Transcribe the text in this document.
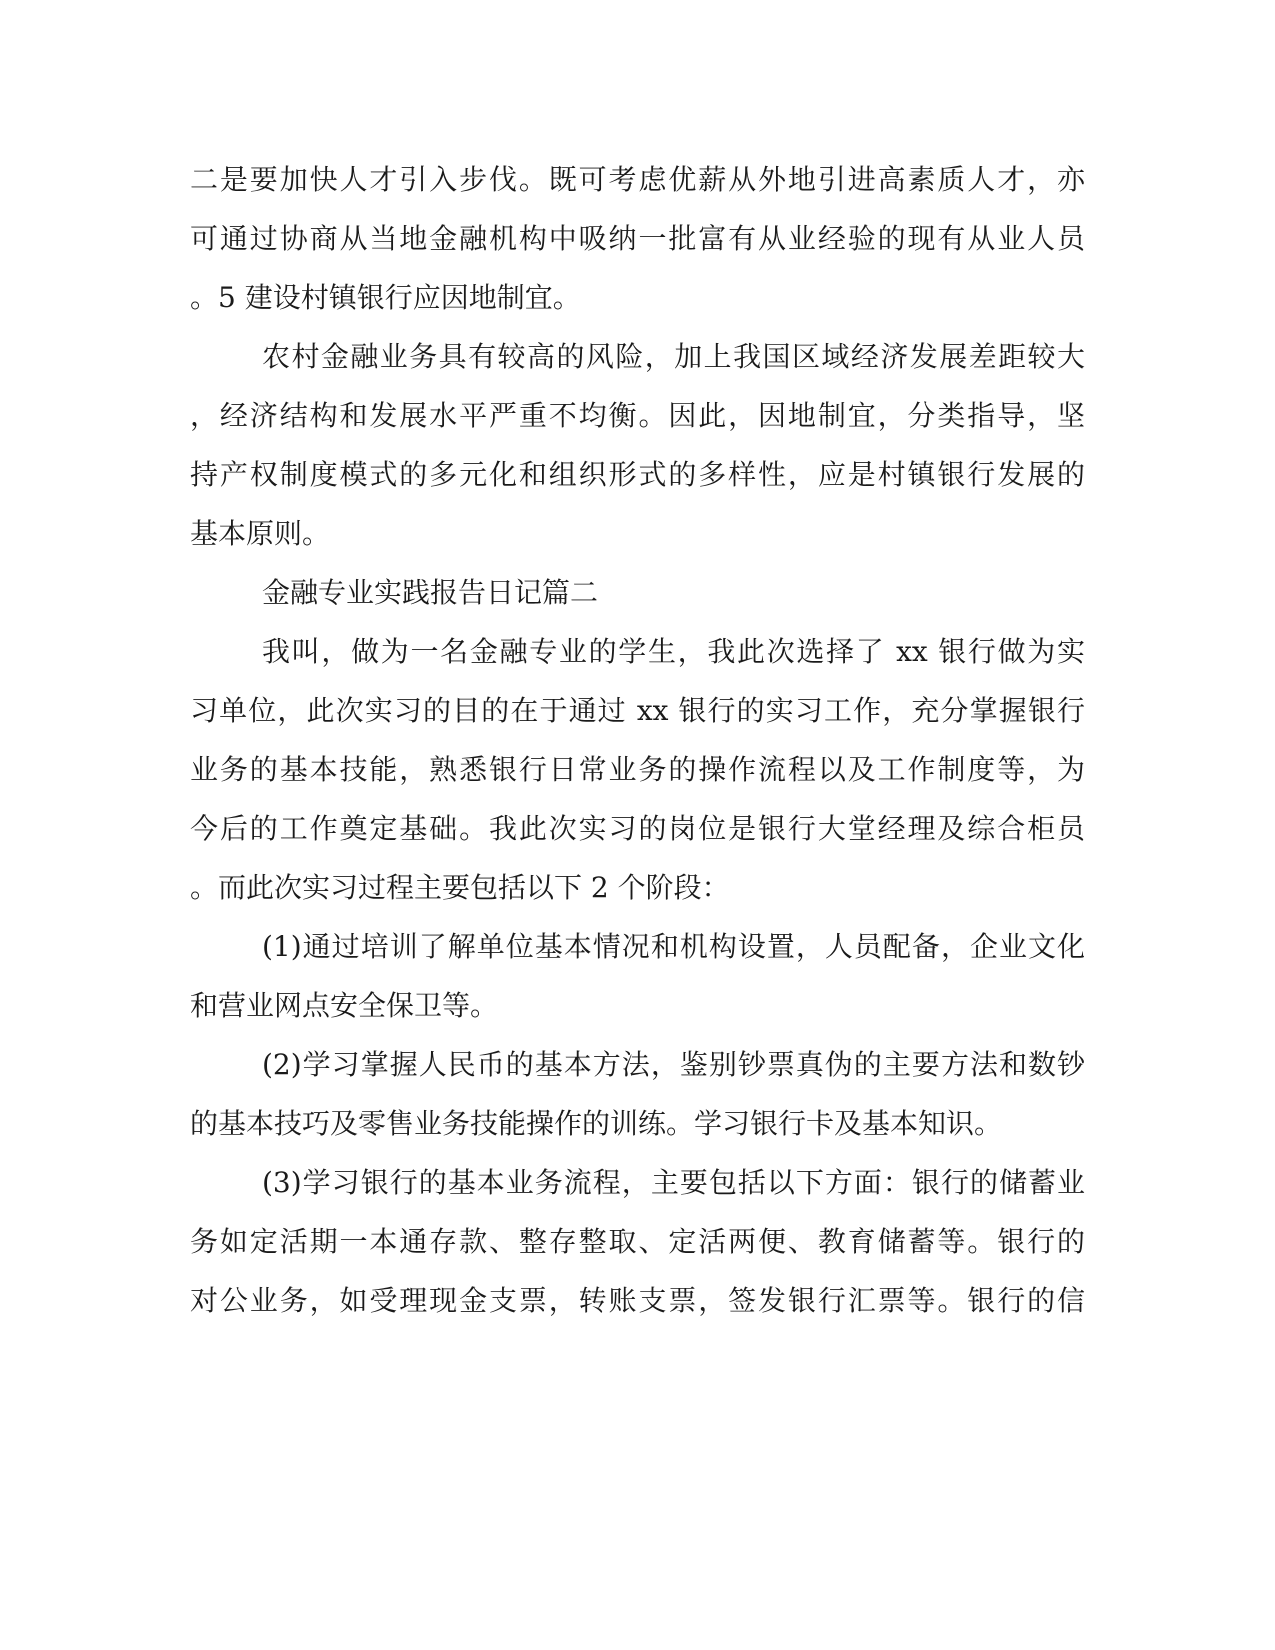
二是要加快人才引入步伐。既可考虑优薪从外地引进高素质人才，亦
可通过协商从当地金融机构中吸纳一批富有从业经验的现有从业人员
。5 建设村镇银行应因地制宜。
农村金融业务具有较高的风险，加上我国区域经济发展差距较大
，经济结构和发展水平严重不均衡。因此，因地制宜，分类指导，坚
持产权制度模式的多元化和组织形式的多样性，应是村镇银行发展的
基本原则。
金融专业实践报告日记篇二
我叫，做为一名金融专业的学生，我此次选择了 xx 银行做为实
习单位，此次实习的目的在于通过 xx 银行的实习工作，充分掌握银行
业务的基本技能，熟悉银行日常业务的操作流程以及工作制度等，为
今后的工作奠定基础。我此次实习的岗位是银行大堂经理及综合柜员
。而此次实习过程主要包括以下 2 个阶段：
(1)通过培训了解单位基本情况和机构设置，人员配备，企业文化
和营业网点安全保卫等。
(2)学习掌握人民币的基本方法，鉴别钞票真伪的主要方法和数钞
的基本技巧及零售业务技能操作的训练。学习银行卡及基本知识。
(3)学习银行的基本业务流程，主要包括以下方面：银行的储蓄业
务如定活期一本通存款、整存整取、定活两便、教育储蓄等。银行的
对公业务，如受理现金支票，转账支票，签发银行汇票等。银行的信
